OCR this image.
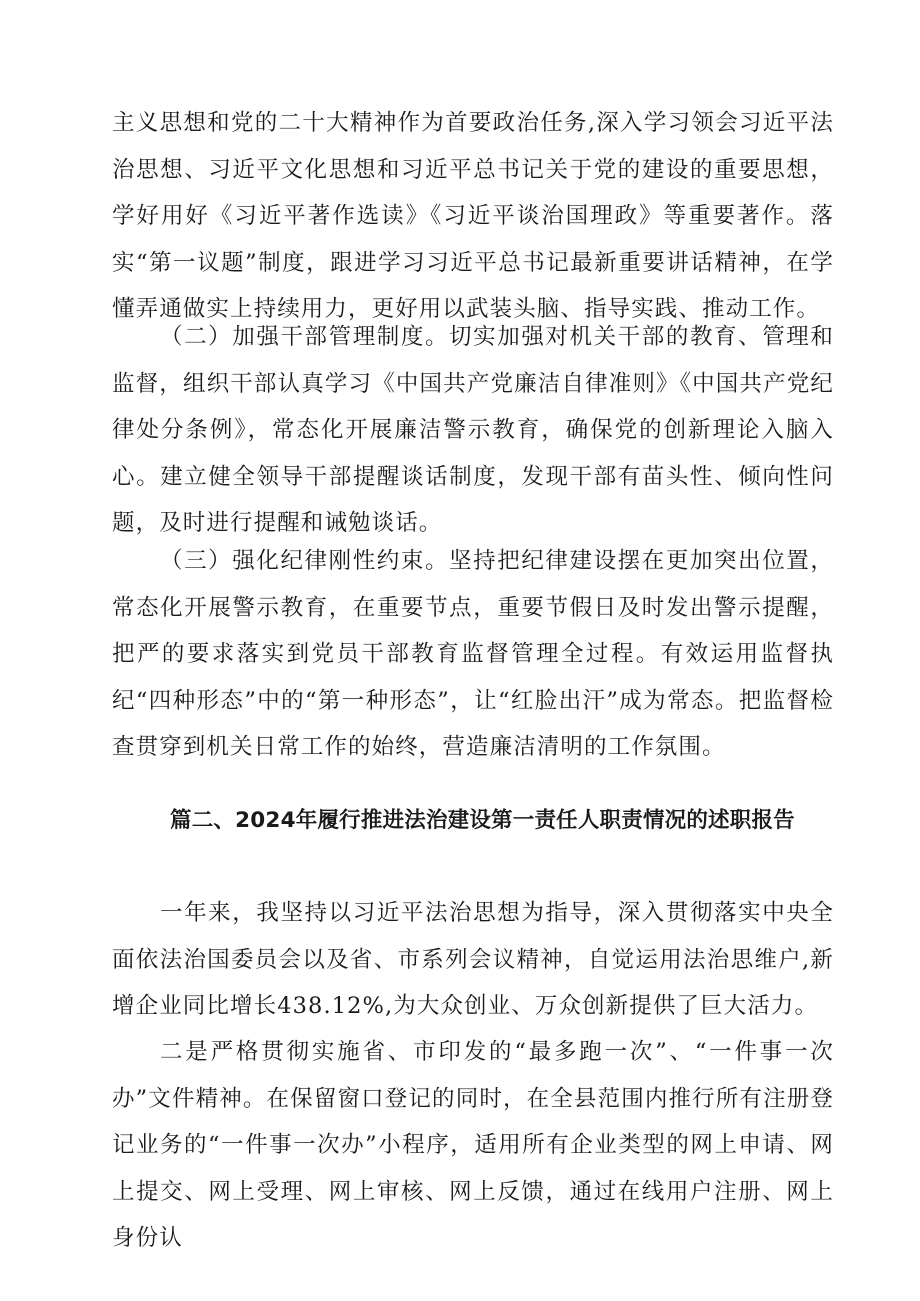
主义思想和党的二十大精神作为首要政治任务,深入学习领会习近平法治思想、习近平文化思想和习近平总书记关于党的建设的重要思想，学好用好《习近平著作选读》《习近平谈治国理政》等重要著作。落实“第一议题”制度，跟进学习习近平总书记最新重要讲话精神，在学懂弄通做实上持续用力，更好用以武装头脑、指导实践、推动工作。

（二）加强干部管理制度。切实加强对机关干部的教育、管理和监督，组织干部认真学习《中国共产党廉洁自律准则》《中国共产党纪律处分条例》，常态化开展廉洁警示教育，确保党的创新理论入脑入心。建立健全领导干部提醒谈话制度，发现干部有苗头性、倾向性问题，及时进行提醒和诫勉谈话。

（三）强化纪律刚性约束。坚持把纪律建设摆在更加突出位置，常态化开展警示教育，在重要节点，重要节假日及时发出警示提醒，把严的要求落实到党员干部教育监督管理全过程。有效运用监督执纪“四种形态”中的“第一种形态”，让“红脸出汗”成为常态。把监督检查贯穿到机关日常工作的始终，营造廉洁清明的工作氛围。

篇二、2024年履行推进法治建设第一责任人职责情况的述职报告

一年来，我坚持以习近平法治思想为指导，深入贯彻落实中央全面依法治国委员会以及省、市系列会议精神，自觉运用法治思维户,新增企业同比增长438.12%,为大众创业、万众创新提供了巨大活力。

二是严格贯彻实施省、市印发的“最多跑一次”、“一件事一次办”文件精神。在保留窗口登记的同时，在全县范围内推行所有注册登记业务的“一件事一次办”小程序，适用所有企业类型的网上申请、网上提交、网上受理、网上审核、网上反馈，通过在线用户注册、网上身份认
